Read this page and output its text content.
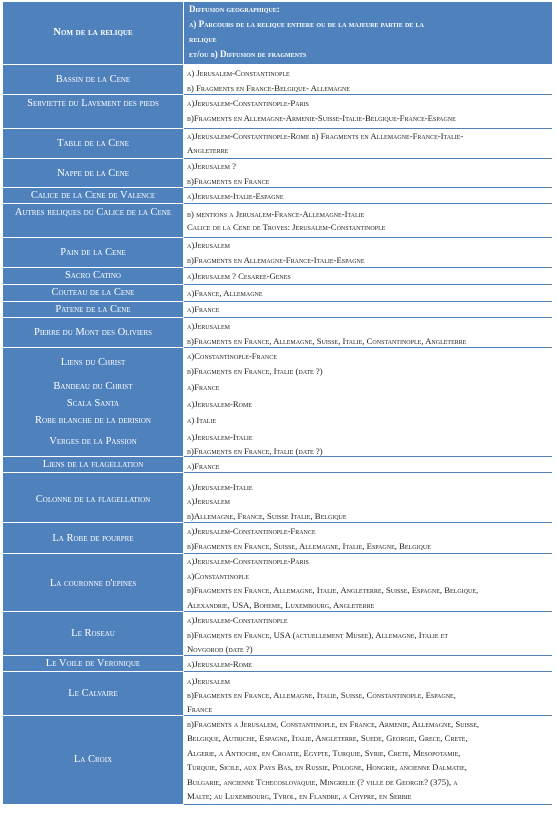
Nom de la relique
Diffusion geographique:
a) Parcours de la relique entiere ou de la majeure partie de la
relique
et/ou b) Diffusion de fragments
Bassin de la Cene
Serviette du Lavement des pieds
Table de la Cene
Nappe de la Cene
Calice de la Cene de Valence
Autres reliques du Calice de la Cene
Pain de la Cene
Sacro Catino
Couteau de la Cene
Patene de la Cene
Pierre du Mont des Oliviers
Liens du Christ
Bandeau du Christ
Scala Santa
Robe blanche de la derision
Verges de la Passion
Liens de la flagellation
Colonne de la flagellation
La Robe de pourpre
La couronne d'epines
Le Roseau
Le Voile de Veronique
Le Calvaire
La Croix
a) Jerusalem-Constantinople
b) Fragments en France-Belgique- Allemagne
a)Jerusalem-Constantinople-Paris
b)Fragments en Allemagne-Armenie-Suisse-Italie-Belgique-France-Espagne
a)Jerusalem-Constantinople-Rome b) Fragments en Allemagne-France-Italie-
Angleterre
a)Jerusalem ?
b)Fragments en France
a)Jerusalem-Italie-Espagne
b) mentions a Jerusalem-France-Allemagne-Italie
Calice de la Cene de Troyes: Jerusalem-Constantinople
a)Jerusalem
b)Fragments en Allemagne-France-Italie-Espagne
a)Jerusalem ? Cesaree-Genes
a)France, Allemagne
a)France
a)Jerusalem
b)Fragments en France, Allemagne, Suisse, Italie, Constantinople, Angleterre
a)Constantinople-France
b)Fragments en France, Italie (date ?)
a)France
a)Jerusalem-Rome
a) Italie
a)Jerusalem-Italie
b)Fragments en France, Italie (date ?)
a)France
a)Jerusalem-Italie
a)Jerusalem
b)Allemagne, France, Suisse Italie, Belgique
a)Jerusalem-Constantinople-France
b)Fragments en France, Suisse, Allemagne, Italie, Espagne, Belgique
a)Jerusalem-Constantinople-Paris
a)Constantinople
b)Fragments en France, Allemagne, Italie, Angleterre, Suisse, Espagne, Belgique,
Alexandrie, USA, Boheme, Luxembourg, Angleterre
a)Jerusalem-Constantinople
b)Fragments en France, USA (actuellement Musee), Allemagne, Italie et
Novgorod (date ?)
a)Jerusalem-Rome
a)Jerusalem
b)Fragments en France, Allemagne, Italie, Suisse, Constantinople, Espagne,
France
b)Fragments a Jerusalem, Constantinople, en France, Armenie, Allemagne, Suisse,
Belgique, Autriche, Espagne, Italie, Angleterre, Suede, Georgie, Grece, Crete,
Algerie, a Antioche, en Croatie, Egypte, Turquie, Syrie, Crete, Mesopotamie,
Turquie, Sicile, aux Pays Bas, en Russie, Pologne, Hongrie, ancienne Dalmatie,
Bulgarie, ancienne Tchecoslovaquie, Mingrelie (? ville de Georgie? (375), a
Malte; au Luxembourg, Tyrol, en Flandre, a Chypre, en Serbie
